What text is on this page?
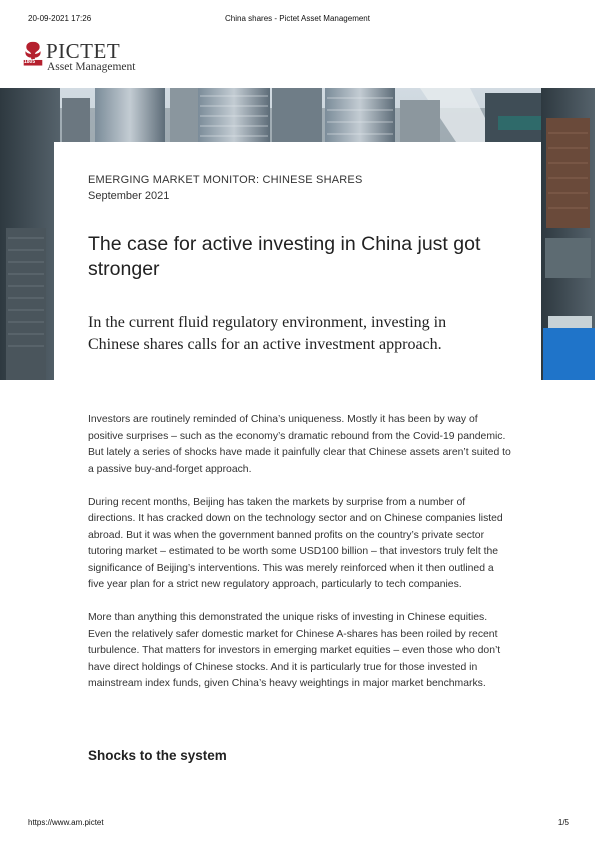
20-09-2021 17:26	China shares - Pictet Asset Management
1805 PICTET
Asset Management
EMERGING MARKET MONITOR: CHINESE SHARES
September 2021
The case for active investing in China just got stronger
In the current fluid regulatory environment, investing in Chinese shares calls for an active investment approach.

Investors are routinely reminded of China’s uniqueness. Mostly it has been by way of positive surprises – such as the economy’s dramatic rebound from the Covid-19 pandemic. But lately a series of shocks have made it painfully clear that Chinese assets aren’t suited to a passive buy-and-forget approach.

During recent months, Beijing has taken the markets by surprise from a number of directions. It has cracked down on the technology sector and on Chinese companies listed abroad. But it was when the government banned profits on the country’s private sector tutoring market – estimated to be worth some USD100 billion – that investors truly felt the significance of Beijing’s interventions. This was merely reinforced when it then outlined a five year plan for a strict new regulatory approach, particularly to tech companies.

More than anything this demonstrated the unique risks of investing in Chinese equities. Even the relatively safer domestic market for Chinese A-shares has been roiled by recent turbulence. That matters for investors in emerging market equities – even those who don’t have direct holdings of Chinese stocks. And it is particularly true for those invested in mainstream index funds, given China’s heavy weightings in major market benchmarks.

Shocks to the system
https://www.am.pictet	1/5
